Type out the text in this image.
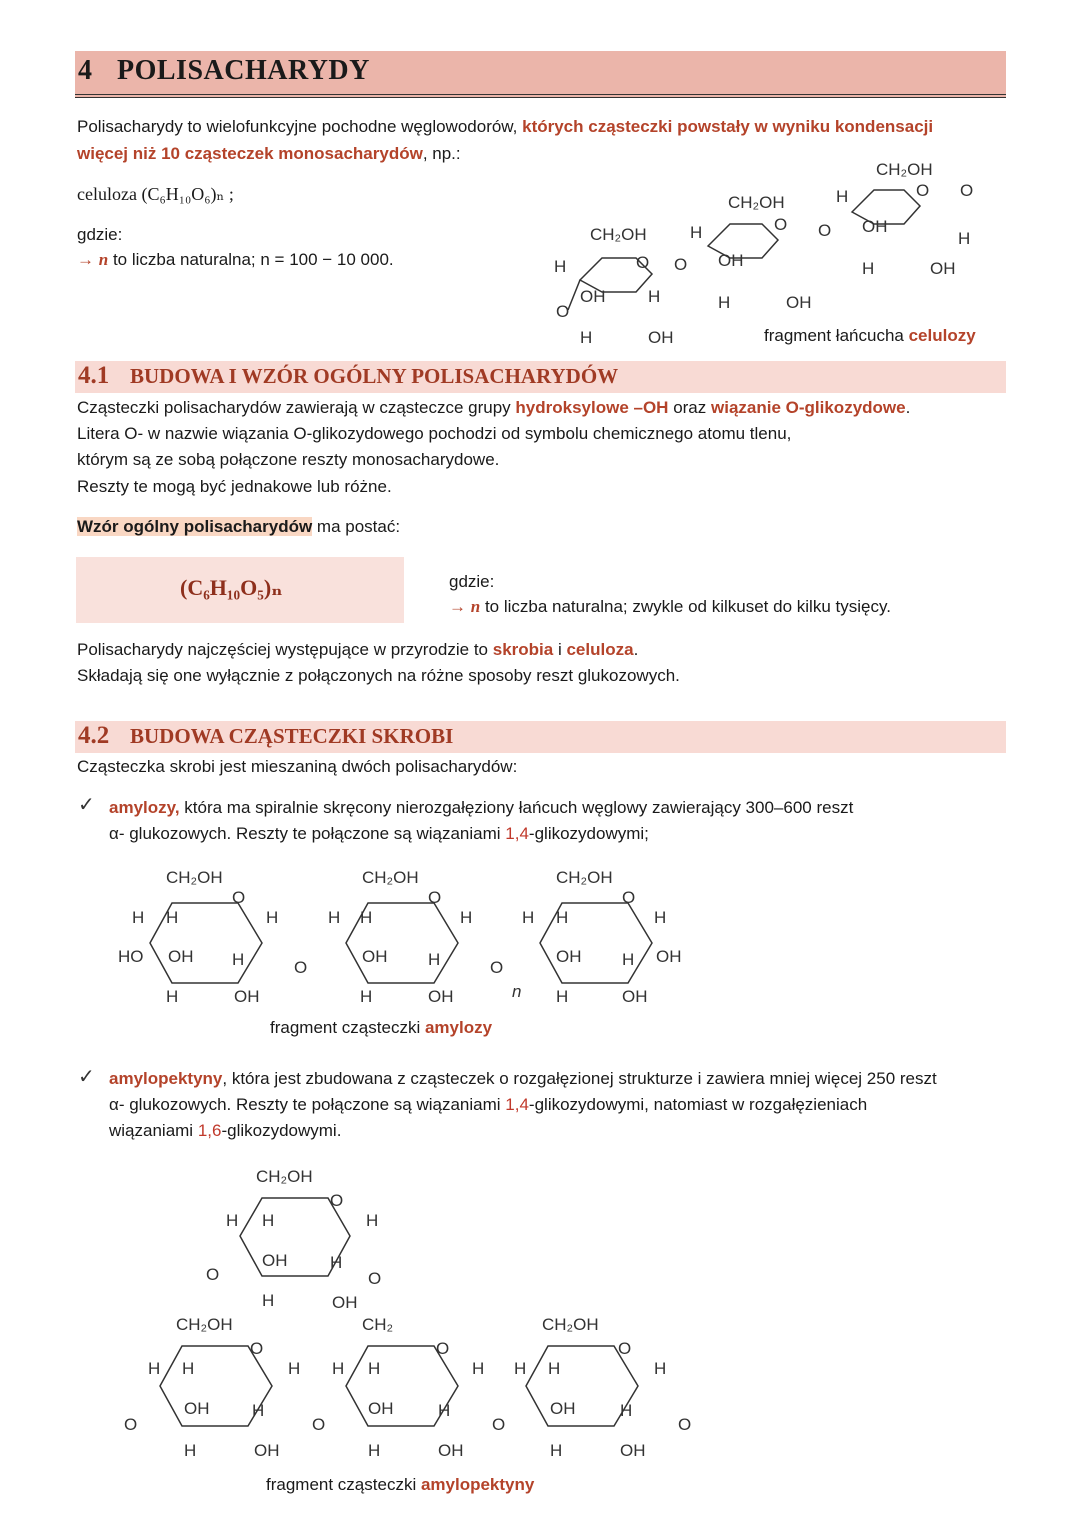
4 POLISACHARYDY
Polisacharydy to wielofunkcyjne pochodne węglowodorów, których cząsteczki powstały w wyniku kondensacji
więcej niż 10 cząsteczek monosacharydów, np.:
celuloza (C₆H₁₀O₆)ₙ ;
gdzie:
→ n to liczba naturalna; n = 100 − 10 000.	H
OH
CH₂OH
O
H
H	OH
O
H
OH
CH₂OH
O
H	OH
O
H
OH
CH₂OH
O
H	OH
H
O
O
fragment łańcucha celulozy
4.1 BUDOWA I WZÓR OGÓLNY POLISACHARYDÓW
Cząsteczki polisacharydów zawierają w cząsteczce grupy hydroksylowe –OH oraz wiązanie O-glikozydowe.
Litera O- w nazwie wiązania O-glikozydowego pochodzi od symbolu chemicznego atomu tlenu,
którym są ze sobą połączone reszty monosacharydowe.
Reszty te mogą być jednakowe lub różne.
Wzór ogólny polisacharydów ma postać:
(C₆H₁₀O₅)ₙ	gdzie:
→ n to liczba naturalna; zwykle od kilkuset do kilku tysięcy.
Polisacharydy najczęściej występujące w przyrodzie to skrobia i celuloza.
Składają się one wyłącznie z połączonych na różne sposoby reszt glukozowych.
4.2 BUDOWA CZĄSTECZKI SKROBI
Cząsteczka skrobi jest mieszaniną dwóch polisacharydów:
✓ amylozy, która ma spiralnie skręcony nierozgałęziony łańcuch węglowy zawierający 300–600 reszt
α- glukozowych. Reszty te połączone są wiązaniami 1,4-glikozydowymi;
CH₂OH
O
H H
HO OH H
H
H	OH
O
CH₂OH
O
H H
OH H
H
H	OH
O
n
CH₂OH
O
H H
OH H
H
OH
H	OH
fragment cząsteczki amylozy
✓ amylopektyny, która jest zbudowana z cząsteczek o rozgałęzionej strukturze i zawiera mniej więcej 250 reszt
α- glukozowych. Reszty te połączone są wiązaniami 1,4-glikozydowymi, natomiast w rozgałęzieniach
wiązaniami 1,6-glikozydowymi.
CH₂OH
O
H H
OH	H
H
H	OH
O	O
CH₂OH
O
H H
OH	H
H
H	OH
O	O
CH₂
O
H H
OH	H
H
H	OH
O
CH₂OH
O
H H
OH	H
H
H	OH
O
fragment cząsteczki amylopektyny
